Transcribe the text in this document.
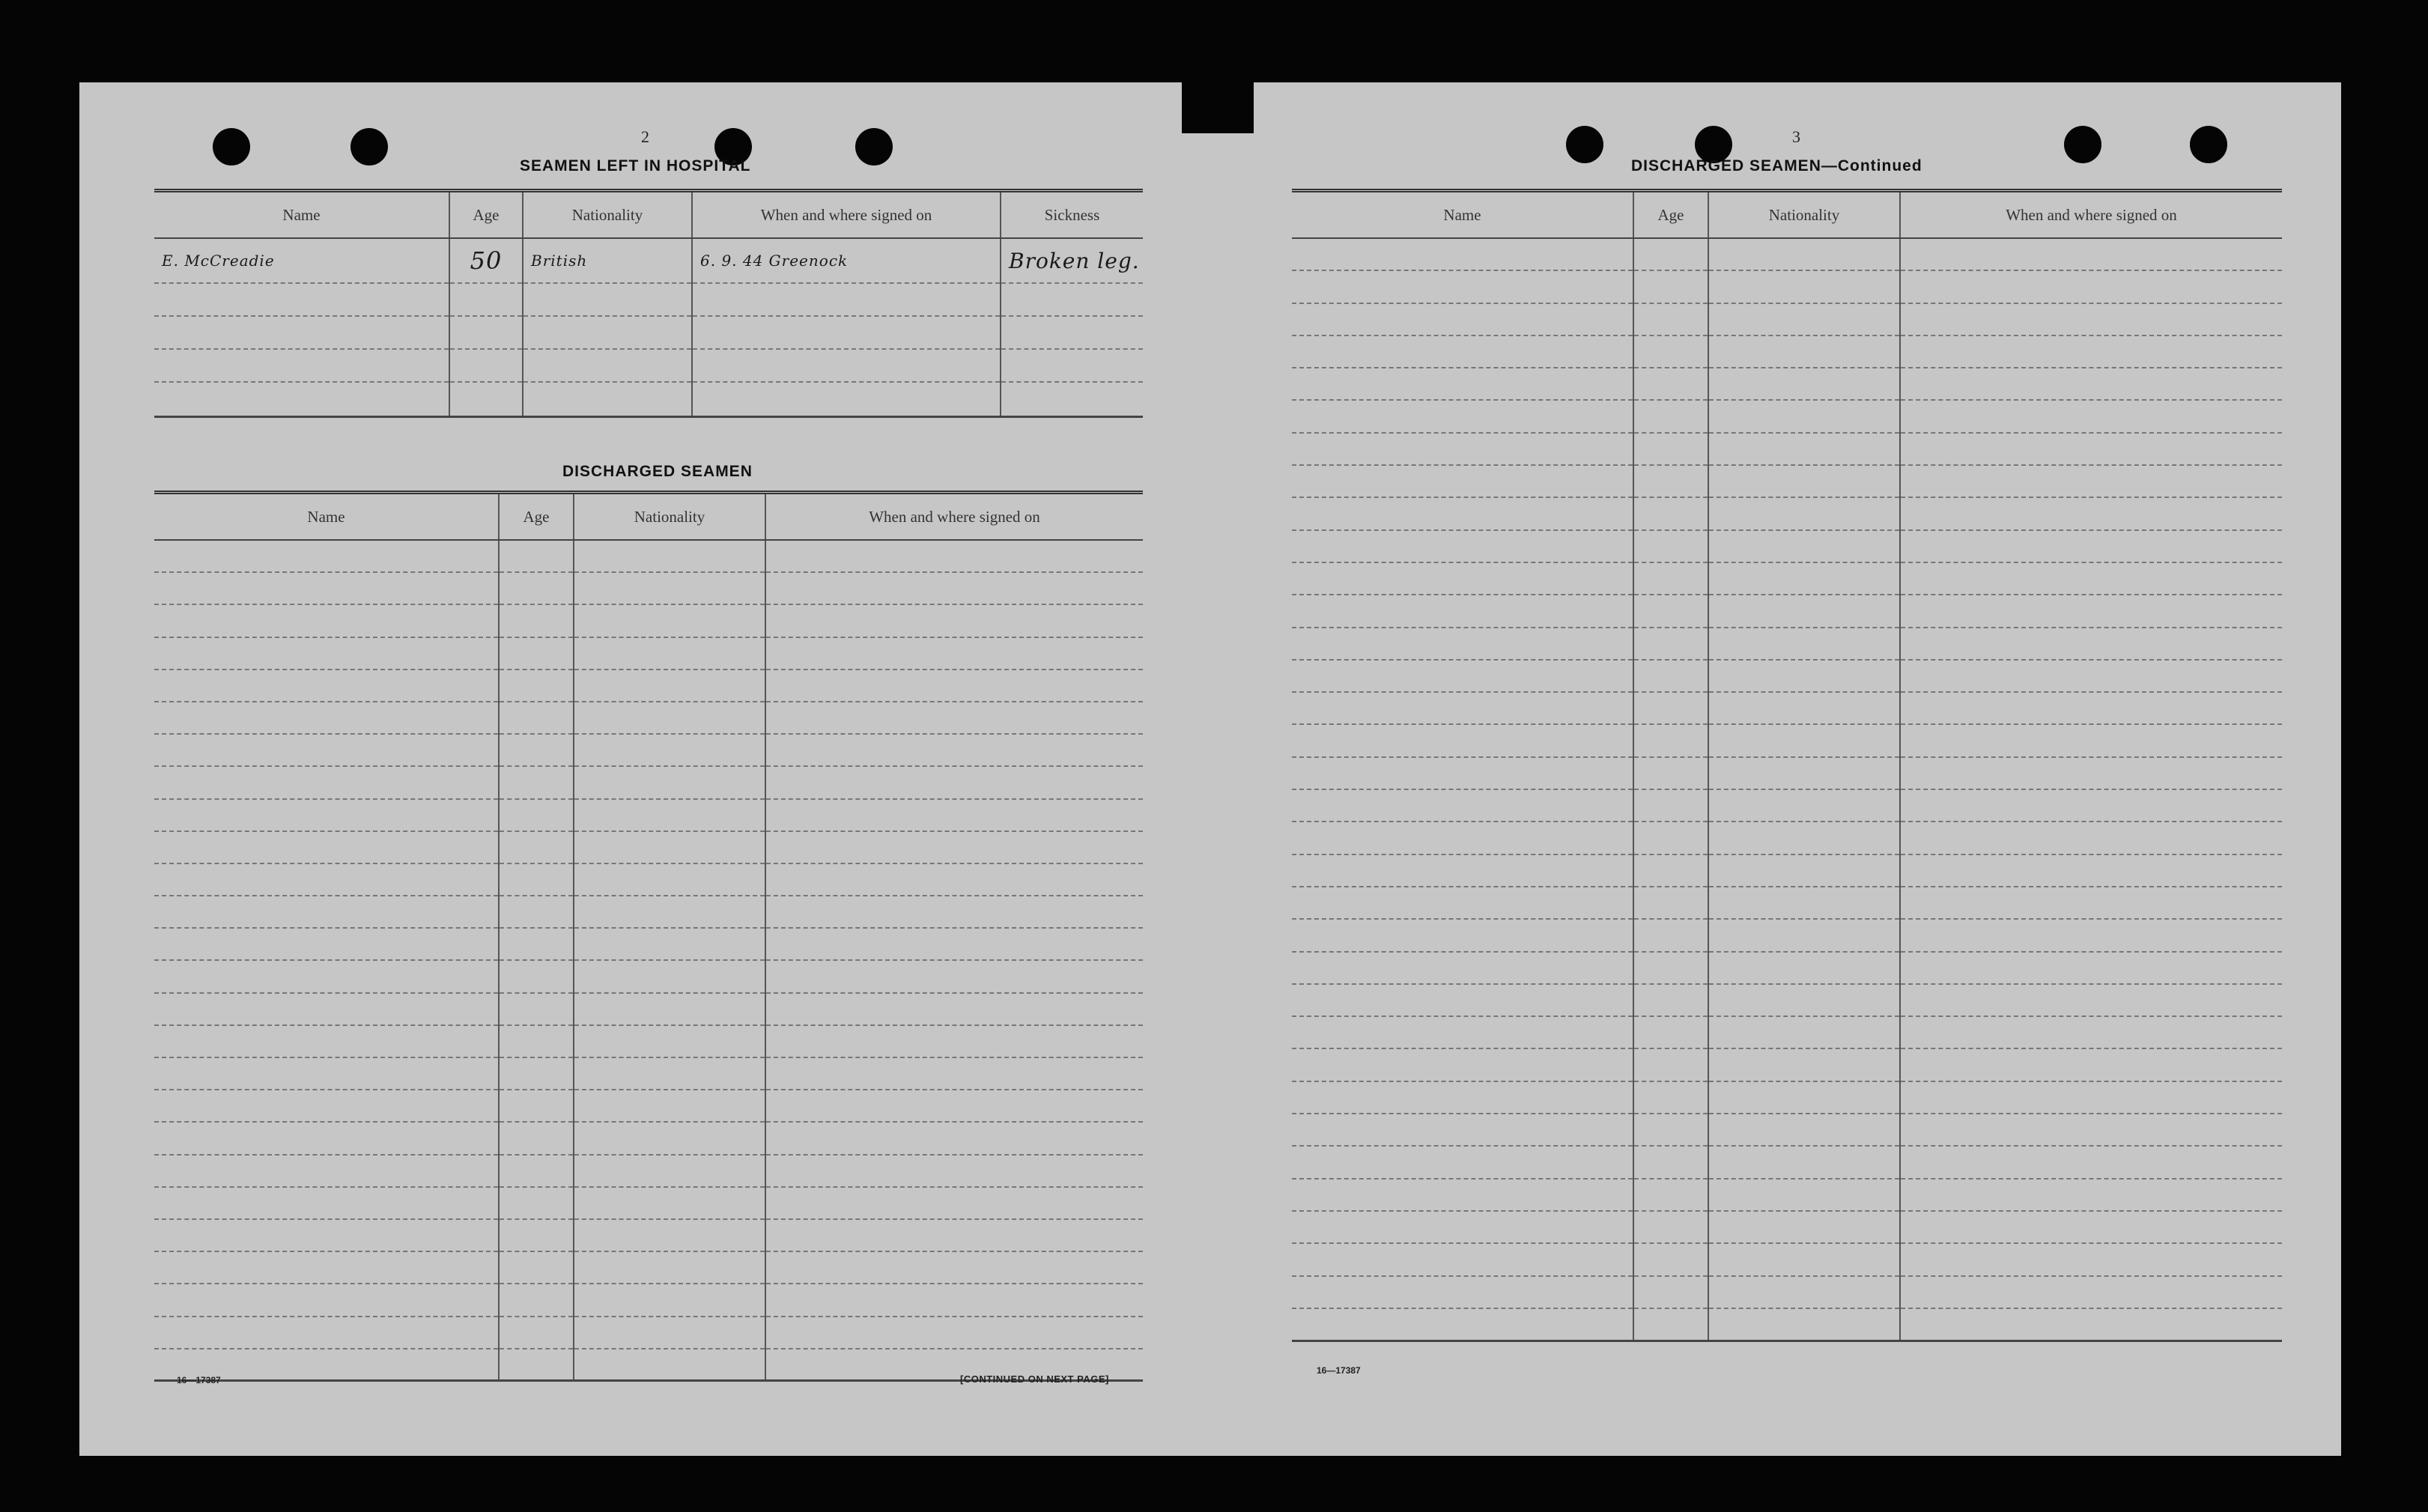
2
SEAMEN LEFT IN HOSPITAL
Name	Age	Nationality	When and where signed on	Sickness
E. McCreadie	50	British	6. 9. 44 Greenock	Broken leg.

DISCHARGED SEAMEN
Name	Age	Nationality	When and where signed on

16—17387	[CONTINUED ON NEXT PAGE]
3
DISCHARGED SEAMEN—Continued
Name	Age	Nationality	When and where signed on

16—17387
